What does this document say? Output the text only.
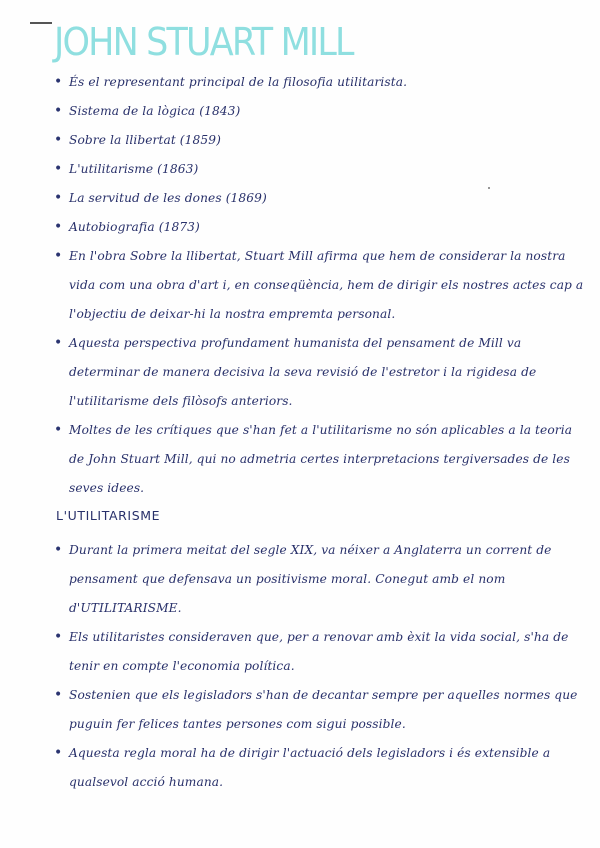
JOHN STUART MILL
• És el representant principal de la filosofia utilitarista.
• Sistema de la lògica (1843)
• Sobre la llibertat (1859)
• L'utilitarisme (1863)
• La servitud de les dones (1869)
• Autobiografia (1873)
• En l'obra Sobre la llibertat, Stuart Mill afirma que hem de considerar la nostra vida com una obra d'art i, en conseqüència, hem de dirigir els nostres actes cap a l'objectiu de deixar-hi la nostra empremta personal.
• Aquesta perspectiva profundament humanista del pensament de Mill va determinar de manera decisiva la seva revisió de l'estretor i la rigidesa de l'utilitarisme dels filòsofs anteriors.
• Moltes de les crítiques que s'han fet a l'utilitarisme no són aplicables a la teoria de John Stuart Mill, qui no admetria certes interpretacions tergiversades de les seves idees.
L'UTILITARISME
• Durant la primera meitat del segle XIX, va néixer a Anglaterra un corrent de pensament que defensava un positivisme moral. Conegut amb el nom d'UTILITARISME.
• Els utilitaristes consideraven que, per a renovar amb èxit la vida social, s'ha de tenir en compte l'economia política.
• Sostenien que els legisladors s'han de decantar sempre per aquelles normes que puguin fer felices tantes persones com sigui possible.
• Aquesta regla moral ha de dirigir l'actuació dels legisladors i és extensible a qualsevol acció humana.
